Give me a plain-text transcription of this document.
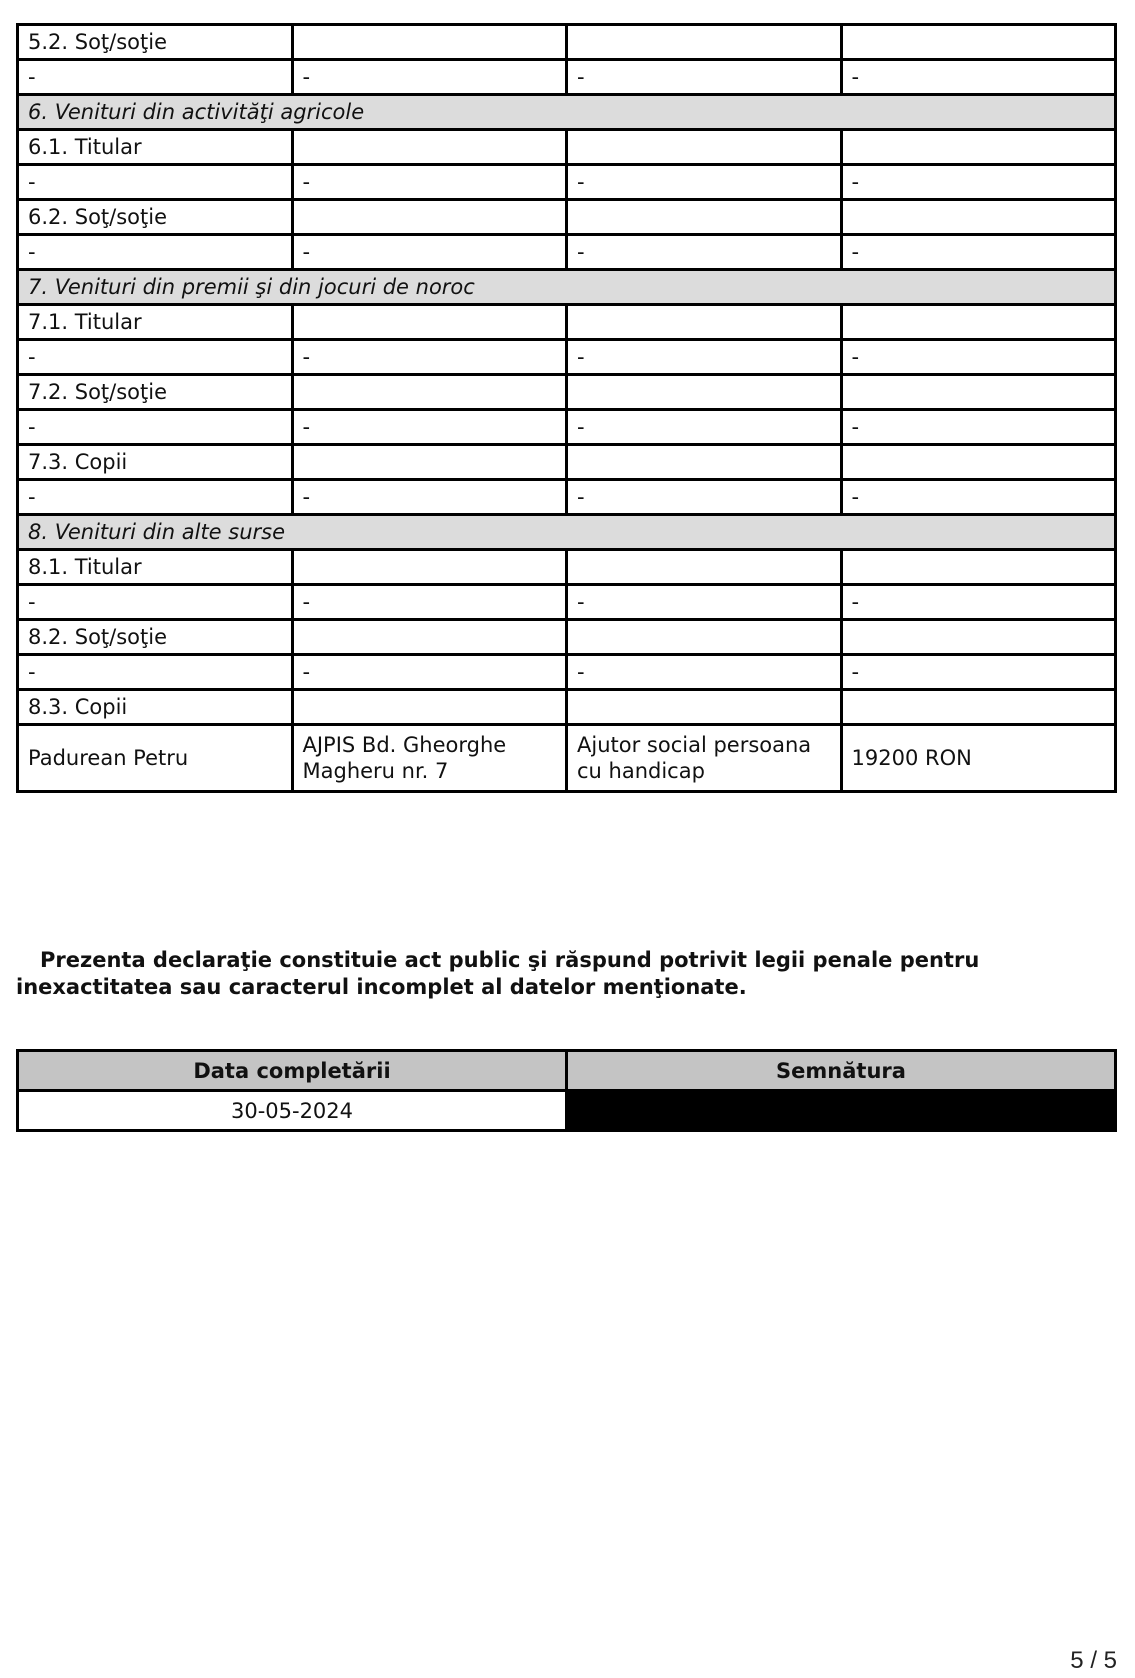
5.2. Soţ/soţie			
-	-	-	-
6. Venituri din activităţi agricole			
6.1. Titular			
-	-	-	-
6.2. Soţ/soţie			
-	-	-	-
7. Venituri din premii şi din jocuri de noroc			
7.1. Titular			
-	-	-	-
7.2. Soţ/soţie			
-	-	-	-
7.3. Copii			
-	-	-	-
8. Venituri din alte surse			
8.1. Titular			
-	-	-	-
8.2. Soţ/soţie			
-	-	-	-
8.3. Copii			
Padurean Petru	AJPIS Bd. Gheorghe Magheru nr. 7	Ajutor social persoana cu handicap	19200 RON

Prezenta declaraţie constituie act public şi răspund potrivit legii penale pentru inexactitatea sau caracterul incomplet al datelor menţionate.

Data completării	Semnătura
30-05-2024	
5 / 5
